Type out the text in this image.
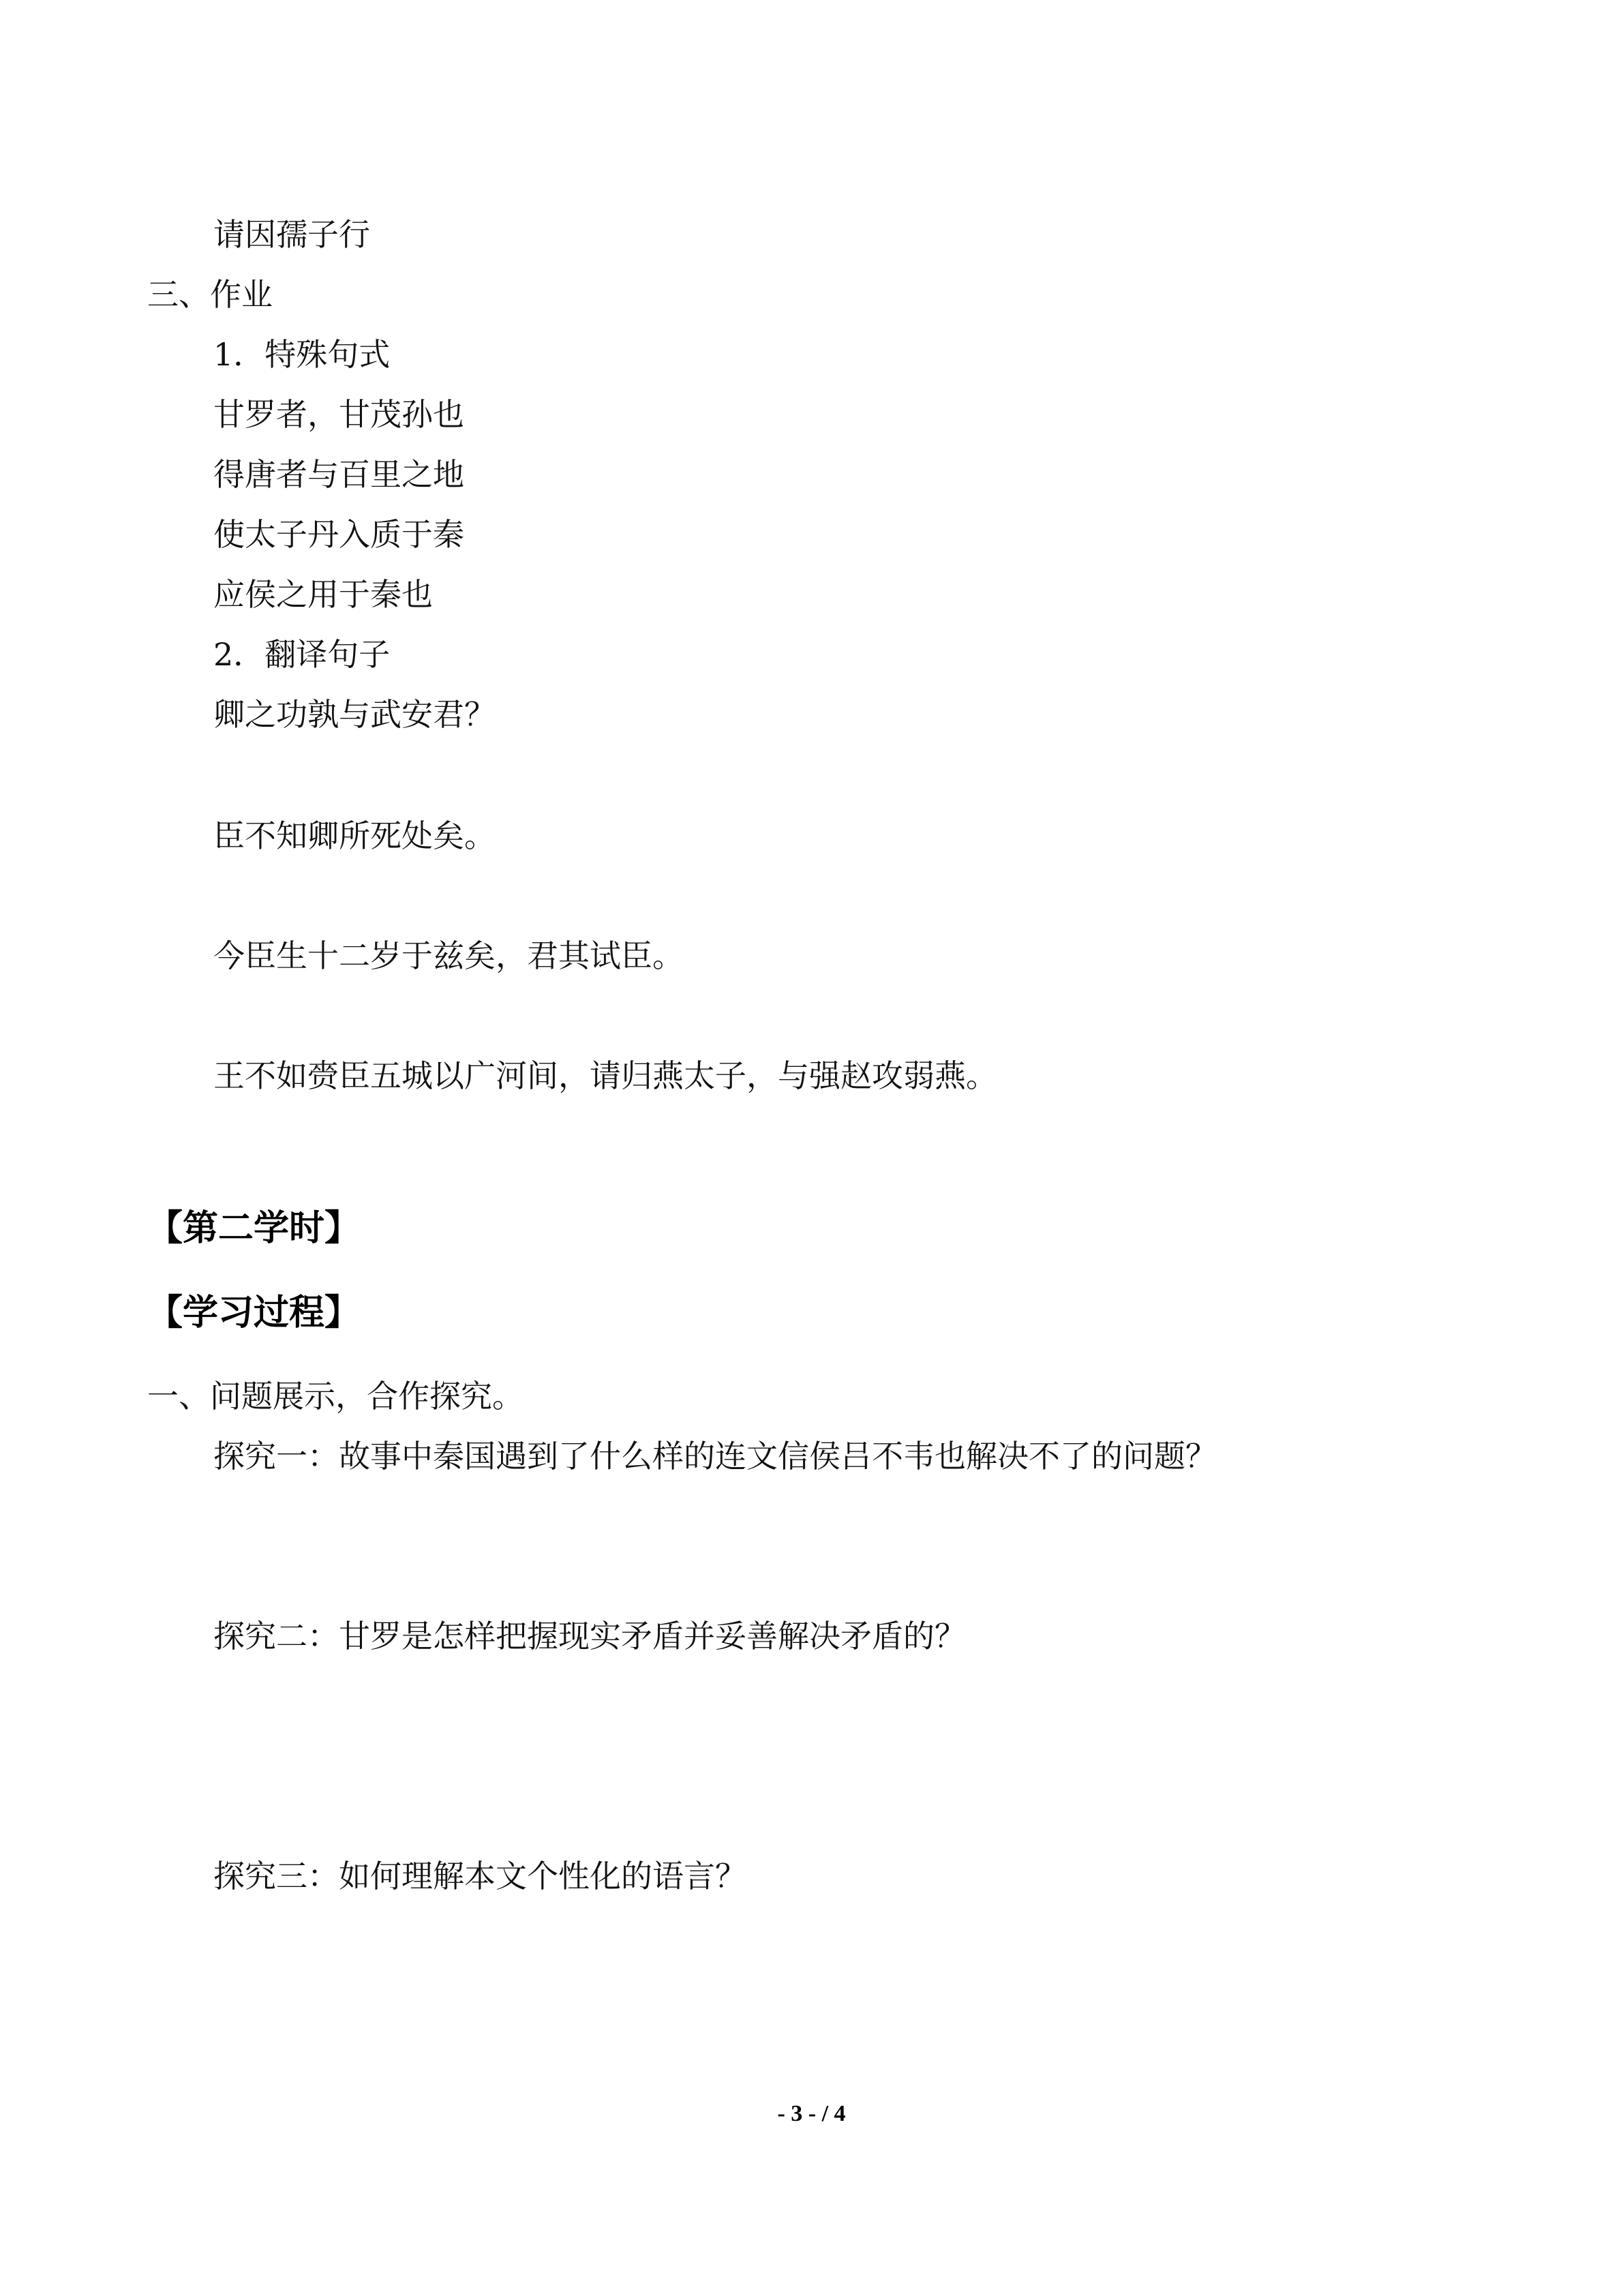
请因孺子行
三、作业
1．特殊句式
甘罗者，甘茂孙也
得唐者与百里之地
使太子丹入质于秦
应侯之用于秦也
2．翻译句子
卿之功孰与武安君？
臣不知卿所死处矣。
今臣生十二岁于兹矣，君其试臣。
王不如赍臣五城以广河间，请归燕太子，与强赵攻弱燕。
【第二学时】
【学习过程】
一、问题展示，合作探究。
探究一：故事中秦国遇到了什么样的连文信侯吕不韦也解决不了的问题？
探究二：甘罗是怎样把握现实矛盾并妥善解决矛盾的？
探究三：如何理解本文个性化的语言？
- 3 - / 4
